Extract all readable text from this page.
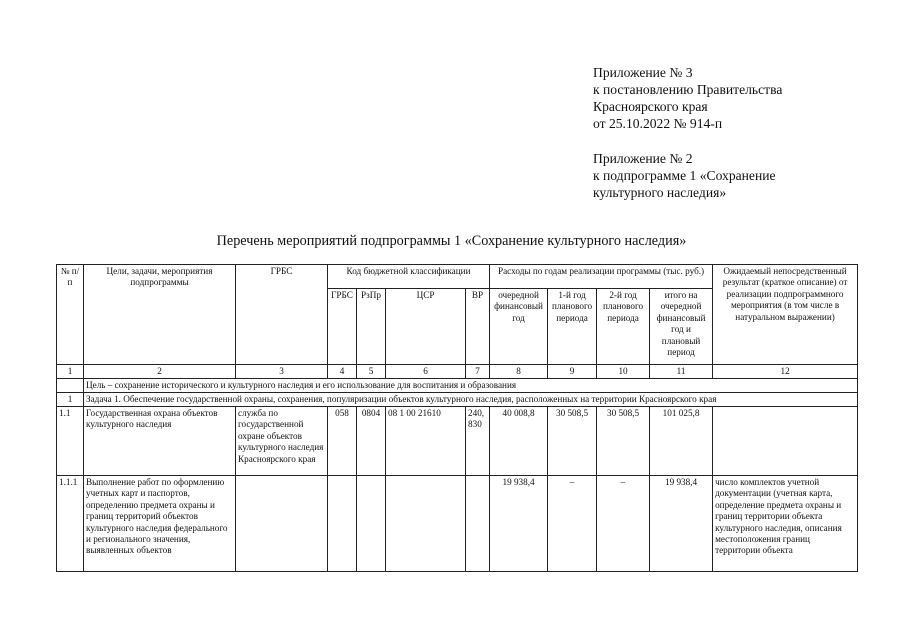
Приложение № 3
к постановлению Правительства
Красноярского края
от 25.10.2022 № 914-п
Приложение № 2
к подпрограмме 1 «Сохранение
культурного наследия»
Перечень мероприятий подпрограммы 1 «Сохранение культурного наследия»
№ п/п	Цели, задачи, мероприятия подпрограммы	ГРБС	Код бюджетной классификации				Расходы по годам реализации программы (тыс. руб.)				Ожидаемый непосредственный результат (краткое описание) от реализации подпрограммного мероприятия (в том числе в натуральном выражении)
			ГРБС	РзПр	ЦСР	ВР	очередной финансовый год	1-й год планового периода	2-й год планового периода	итого на очередной финансовый год и плановый период	
1	2	3	4	5	6	7	8	9	10	11	12
	Цель – сохранение исторического и культурного наследия и его использование для воспитания и образования										
1	Задача 1. Обеспечение государственной охраны, сохранения, популяризации объектов культурного наследия, расположенных на территории Красноярского края										
1.1	Государственная охрана объектов культурного наследия	служба по государственной охране объектов культурного наследия Красноярского края	058	0804	08 1 00 21610	240, 830	40 008,8	30 508,5	30 508,5	101 025,8	
1.1.1	Выполнение работ по оформлению учетных карт и паспортов, определению предмета охраны и границ территорий объектов культурного наследия федерального и регионального значения, выявленных объектов						19 938,4	–	–	19 938,4	число комплектов учетной документации (учетная карта, определение предмета охраны и границ территории объекта культурного наследия, описания местоположения границ территории объекта
